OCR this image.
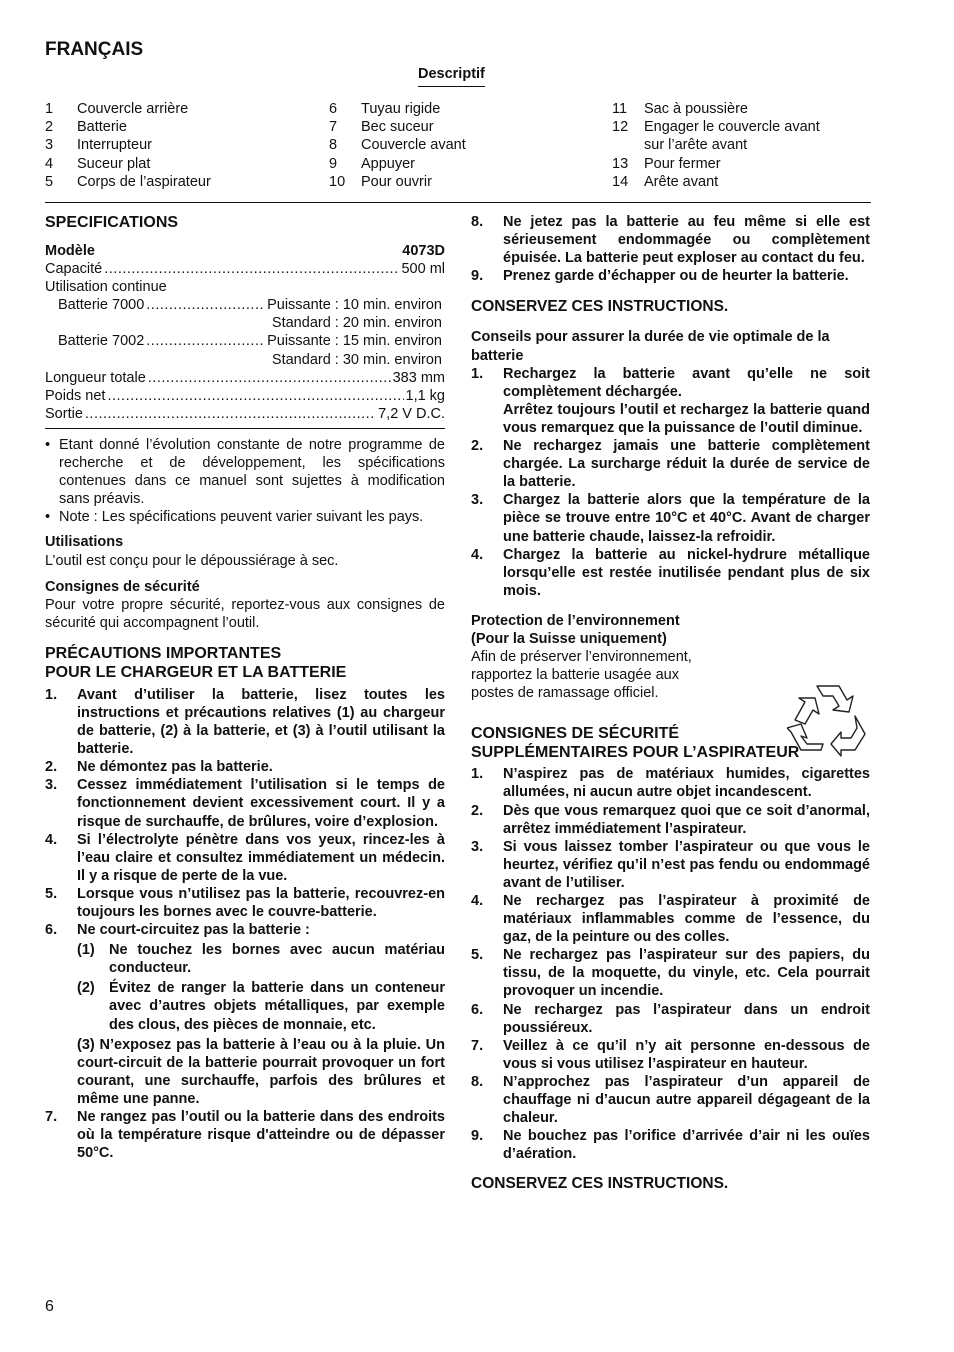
FRANÇAIS
Descriptif
1	Couvercle arrière
2	Batterie
3	Interrupteur
4	Suceur plat
5	Corps de l’aspirateur
6	Tuyau rigide
7	Bec suceur
8	Couvercle avant
9	Appuyer
10	Pour ouvrir
11	Sac à poussière
12	Engager le couvercle avant
sur l’arête avant
13	Pour fermer
14	Arête avant
SPECIFICATIONS
Modèle	4073D
Capacité .....	500 ml

Utilisation continue

Batterie 7000 .....	Puissante : 10 min. environ

Standard : 20 min. environ

Batterie 7002 .....	Puissante : 15 min. environ

Standard : 30 min. environ

Longueur totale .....	383 mm
Poids net .....	1,1 kg
Sortie .....	7,2 V D.C.
• Etant donné l’évolution constante de notre programme de recherche et de développement, les spécifications contenues dans ce manuel sont sujettes à modification sans préavis.
• Note : Les spécifications peuvent varier suivant les pays.
Utilisations

L’outil est conçu pour le dépoussiérage à sec.

Consignes de sécurité

Pour votre propre sécurité, reportez-vous aux consignes de sécurité qui accompagnent l’outil.

PRÉCAUTIONS IMPORTANTES
POUR LE CHARGEUR ET LA BATTERIE
1.	Avant d’utiliser la batterie, lisez toutes les instructions et précautions relatives (1) au chargeur de batterie, (2) à la batterie, et (3) à l’outil utilisant la batterie.
2.	Ne démontez pas la batterie.
3.	Cessez immédiatement l’utilisation si le temps de fonctionnement devient excessivement court. Il y a risque de surchauffe, de brûlures, voire d’explosion.
4.	Si l’électrolyte pénètre dans vos yeux, rincez-les à l’eau claire et consultez immédiatement un médecin. Il y a risque de perte de la vue.
5.	Lorsque vous n’utilisez pas la batterie, recouvrez-en toujours les bornes avec le couvre-batterie.
6.	Ne court-circuitez pas la batterie :
(1) Ne touchez les bornes avec aucun matériau conducteur.
(2) Évitez de ranger la batterie dans un conteneur avec d’autres objets métalliques, par exemple des clous, des pièces de monnaie, etc.
(3) N’exposez pas la batterie à l’eau ou à la pluie. Un court-circuit de la batterie pourrait provoquer un fort courant, une surchauffe, parfois des brûlures et même une panne.
7.	Ne rangez pas l’outil ou la batterie dans des endroits où la température risque d'atteindre ou de dépasser 50°C.
8.	Ne jetez pas la batterie au feu même si elle est sérieusement endommagée ou complètement épuisée. La batterie peut exploser au contact du feu.
9.	Prenez garde d’échapper ou de heurter la batterie.
CONSERVEZ CES INSTRUCTIONS.
Conseils pour assurer la durée de vie optimale de la batterie
1.	Rechargez la batterie avant qu’elle ne soit complètement déchargée.
Arrêtez toujours l’outil et rechargez la batterie quand vous remarquez que la puissance de l’outil diminue.
2.	Ne rechargez jamais une batterie complètement chargée. La surcharge réduit la durée de service de la batterie.
3.	Chargez la batterie alors que la température de la pièce se trouve entre 10°C et 40°C. Avant de charger une batterie chaude, laissez-la refroidir.
4.	Chargez la batterie au nickel-hydrure métallique lorsqu’elle est restée inutilisée pendant plus de six mois.
Protection de l’environnement
(Pour la Suisse uniquement)

Afin de préserver l’environnement,

rapportez la batterie usagée aux

postes de ramassage officiel.

CONSIGNES DE SÉCURITÉ
SUPPLÉMENTAIRES POUR L’ASPIRATEUR
1.	N’aspirez pas de matériaux humides, cigarettes allumées, ni aucun autre objet incandescent.
2.	Dès que vous remarquez quoi que ce soit d’anormal, arrêtez immédiatement l’aspirateur.
3.	Si vous laissez tomber l’aspirateur ou que vous le heurtez, vérifiez qu’il n’est pas fendu ou endommagé avant de l’utiliser.
4.	Ne rechargez pas l’aspirateur à proximité de matériaux inflammables comme de l’essence, du gaz, de la peinture ou des colles.
5.	Ne rechargez pas l’aspirateur sur des papiers, du tissu, de la moquette, du vinyle, etc. Cela pourrait provoquer un incendie.
6.	Ne rechargez pas l’aspirateur dans un endroit poussiéreux.
7.	Veillez à ce qu’il n’y ait personne en-dessous de vous si vous utilisez l’aspirateur en hauteur.
8.	N’approchez pas l’aspirateur d’un appareil de chauffage ni d’aucun autre appareil dégageant de la chaleur.
9.	Ne bouchez pas l’orifice d’arrivée d’air ni les ouïes d’aération.
CONSERVEZ CES INSTRUCTIONS.
6
